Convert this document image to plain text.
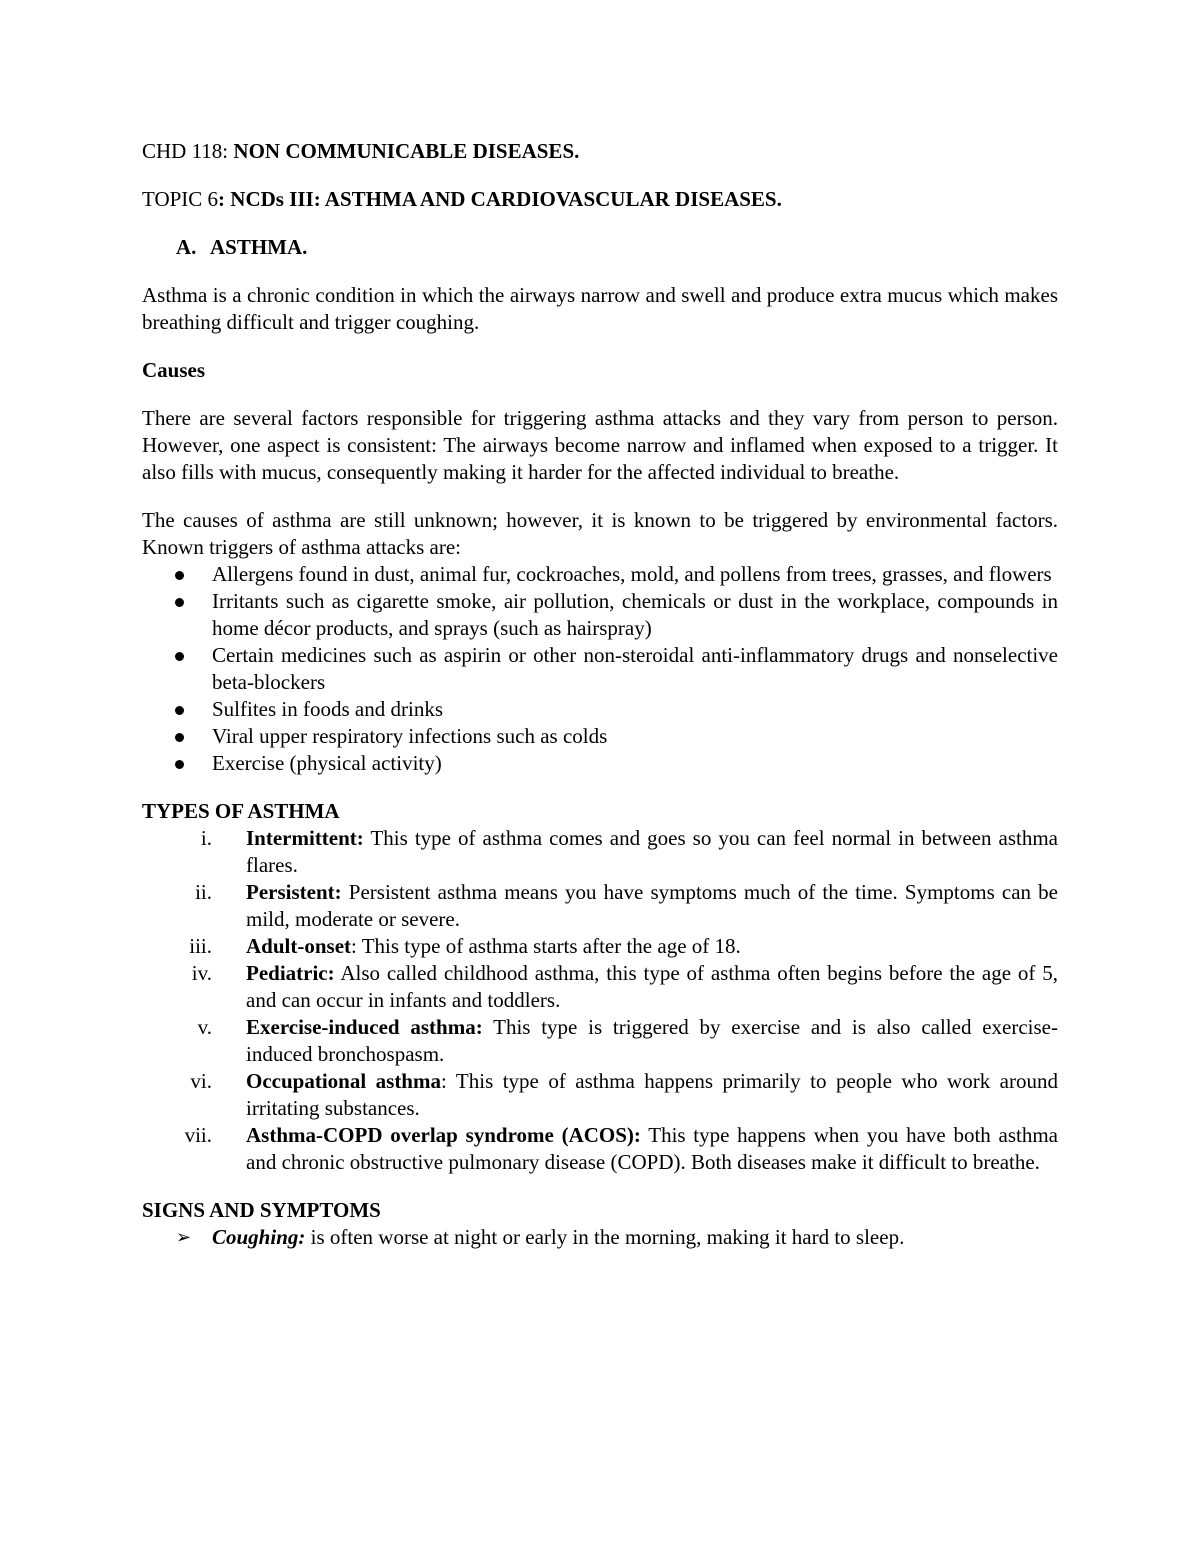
CHD 118: NON COMMUNICABLE DISEASES.

TOPIC 6: NCDs III: ASTHMA AND CARDIOVASCULAR DISEASES.

A. ASTHMA.

Asthma is a chronic condition in which the airways narrow and swell and produce extra mucus which makes breathing difficult and trigger coughing.

Causes

There are several factors responsible for triggering asthma attacks and they vary from person to person. However, one aspect is consistent: The airways become narrow and inflamed when exposed to a trigger. It also fills with mucus, consequently making it harder for the affected individual to breathe.

The causes of asthma are still unknown; however, it is known to be triggered by environmental factors. Known triggers of asthma attacks are:

Allergens found in dust, animal fur, cockroaches, mold, and pollens from trees, grasses, and flowers
Irritants such as cigarette smoke, air pollution, chemicals or dust in the workplace, compounds in home décor products, and sprays (such as hairspray)
Certain medicines such as aspirin or other non-steroidal anti-inflammatory drugs and nonselective beta-blockers
Sulfites in foods and drinks
Viral upper respiratory infections such as colds
Exercise (physical activity)

TYPES OF ASTHMA

i. Intermittent: This type of asthma comes and goes so you can feel normal in between asthma flares.
ii. Persistent: Persistent asthma means you have symptoms much of the time. Symptoms can be mild, moderate or severe.
iii. Adult-onset: This type of asthma starts after the age of 18.
iv. Pediatric: Also called childhood asthma, this type of asthma often begins before the age of 5, and can occur in infants and toddlers.
v. Exercise-induced asthma: This type is triggered by exercise and is also called exercise-induced bronchospasm.
vi. Occupational asthma: This type of asthma happens primarily to people who work around irritating substances.
vii. Asthma-COPD overlap syndrome (ACOS): This type happens when you have both asthma and chronic obstructive pulmonary disease (COPD). Both diseases make it difficult to breathe.

SIGNS AND SYMPTOMS

➢ Coughing: is often worse at night or early in the morning, making it hard to sleep.
